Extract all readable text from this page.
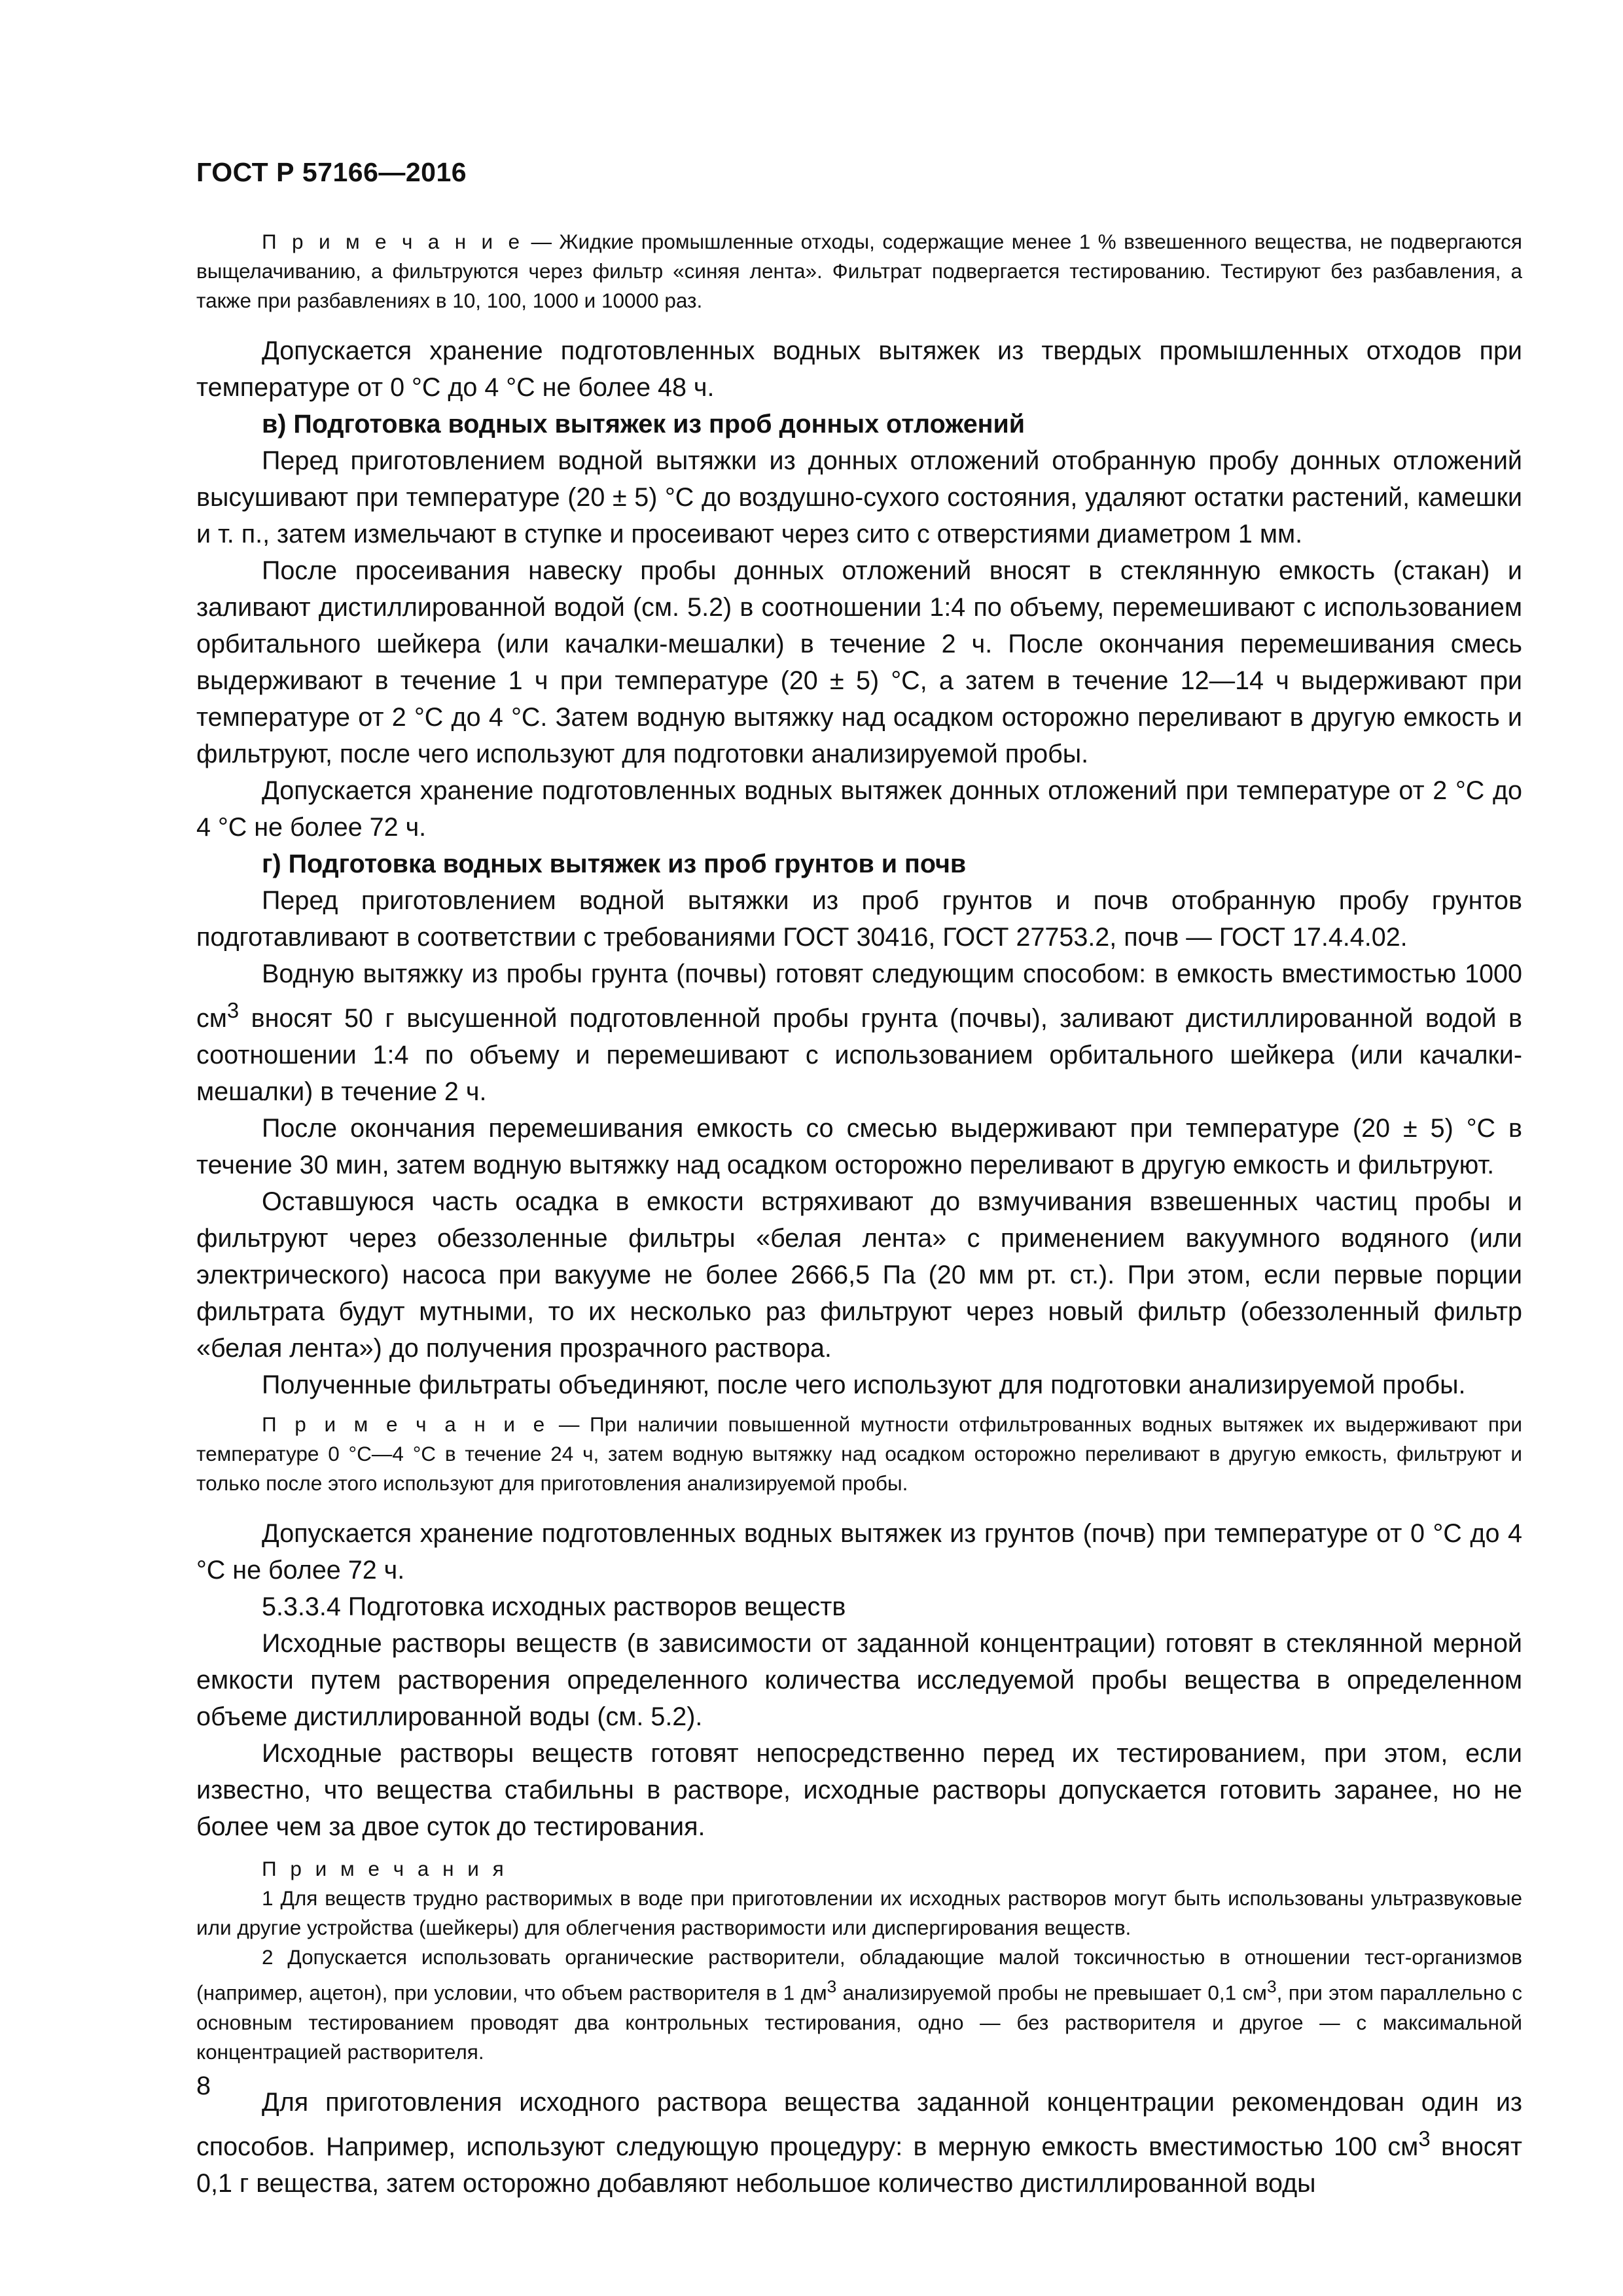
ГОСТ Р 57166—2016

П р и м е ч а н и е — Жидкие промышленные отходы, содержащие менее 1 % взвешенного вещества, не подвергаются выщелачиванию, а фильтруются через фильтр «синяя лента». Фильтрат подвергается тестированию. Тестируют без разбавления, а также при разбавлениях в 10, 100, 1000 и 10000 раз.

Допускается хранение подготовленных водных вытяжек из твердых промышленных отходов при температуре от 0 °С до 4 °С не более 48 ч.

в) Подготовка водных вытяжек из проб донных отложений

Перед приготовлением водной вытяжки из донных отложений отобранную пробу донных отложений высушивают при температуре (20 ± 5) °С до воздушно-сухого состояния, удаляют остатки растений, камешки и т. п., затем измельчают в ступке и просеивают через сито с отверстиями диаметром 1 мм.

После просеивания навеску пробы донных отложений вносят в стеклянную емкость (стакан) и заливают дистиллированной водой (см. 5.2) в соотношении 1:4 по объему, перемешивают с использованием орбитального шейкера (или качалки-мешалки) в течение 2 ч. После окончания перемешивания смесь выдерживают в течение 1 ч при температуре (20 ± 5) °С, а затем в течение 12—14 ч выдерживают при температуре от 2 °С до 4 °С. Затем водную вытяжку над осадком осторожно переливают в другую емкость и фильтруют, после чего используют для подготовки анализируемой пробы.

Допускается хранение подготовленных водных вытяжек донных отложений при температуре от 2 °С до 4 °С не более 72 ч.

г) Подготовка водных вытяжек из проб грунтов и почв

Перед приготовлением водной вытяжки из проб грунтов и почв отобранную пробу грунтов подготавливают в соответствии с требованиями ГОСТ 30416, ГОСТ 27753.2, почв — ГОСТ 17.4.4.02.

Водную вытяжку из пробы грунта (почвы) готовят следующим способом: в емкость вместимостью 1000 $см^3$ вносят 50 г высушенной подготовленной пробы грунта (почвы), заливают дистиллированной водой в соотношении 1:4 по объему и перемешивают с использованием орбитального шейкера (или качалки-мешалки) в течение 2 ч.

После окончания перемешивания емкость со смесью выдерживают при температуре (20 ± 5) °С в течение 30 мин, затем водную вытяжку над осадком осторожно переливают в другую емкость и фильтруют.

Оставшуюся часть осадка в емкости встряхивают до взмучивания взвешенных частиц пробы и фильтруют через обеззоленные фильтры «белая лента» с применением вакуумного водяного (или электрического) насоса при вакууме не более 2666,5 Па (20 мм рт. ст.). При этом, если первые порции фильтрата будут мутными, то их несколько раз фильтруют через новый фильтр (обеззоленный фильтр «белая лента») до получения прозрачного раствора.

Полученные фильтраты объединяют, после чего используют для подготовки анализируемой пробы.

П р и м е ч а н и е — При наличии повышенной мутности отфильтрованных водных вытяжек их выдерживают при температуре 0 °С—4 °С в течение 24 ч, затем водную вытяжку над осадком осторожно переливают в другую емкость, фильтруют и только после этого используют для приготовления анализируемой пробы.

Допускается хранение подготовленных водных вытяжек из грунтов (почв) при температуре от 0 °С до 4 °С не более 72 ч.

5.3.3.4 Подготовка исходных растворов веществ

Исходные растворы веществ (в зависимости от заданной концентрации) готовят в стеклянной мерной емкости путем растворения определенного количества исследуемой пробы вещества в определенном объеме дистиллированной воды (см. 5.2).

Исходные растворы веществ готовят непосредственно перед их тестированием, при этом, если известно, что вещества стабильны в растворе, исходные растворы допускается готовить заранее, но не более чем за двое суток до тестирования.

П р и м е ч а н и я

1 Для веществ трудно растворимых в воде при приготовлении их исходных растворов могут быть использованы ультразвуковые или другие устройства (шейкеры) для облегчения растворимости или диспергирования веществ.

2 Допускается использовать органические растворители, обладающие малой токсичностью в отношении тест-организмов (например, ацетон), при условии, что объем растворителя в 1 $дм^3$ анализируемой пробы не превышает 0,1 $см^3$, при этом параллельно с основным тестированием проводят два контрольных тестирования, одно — без растворителя и другое — с максимальной концентрацией растворителя.

Для приготовления исходного раствора вещества заданной концентрации рекомендован один из способов. Например, используют следующую процедуру: в мерную емкость вместимостью 100 $см^3$ вносят 0,1 г вещества, затем осторожно добавляют небольшое количество дистиллированной воды

8
